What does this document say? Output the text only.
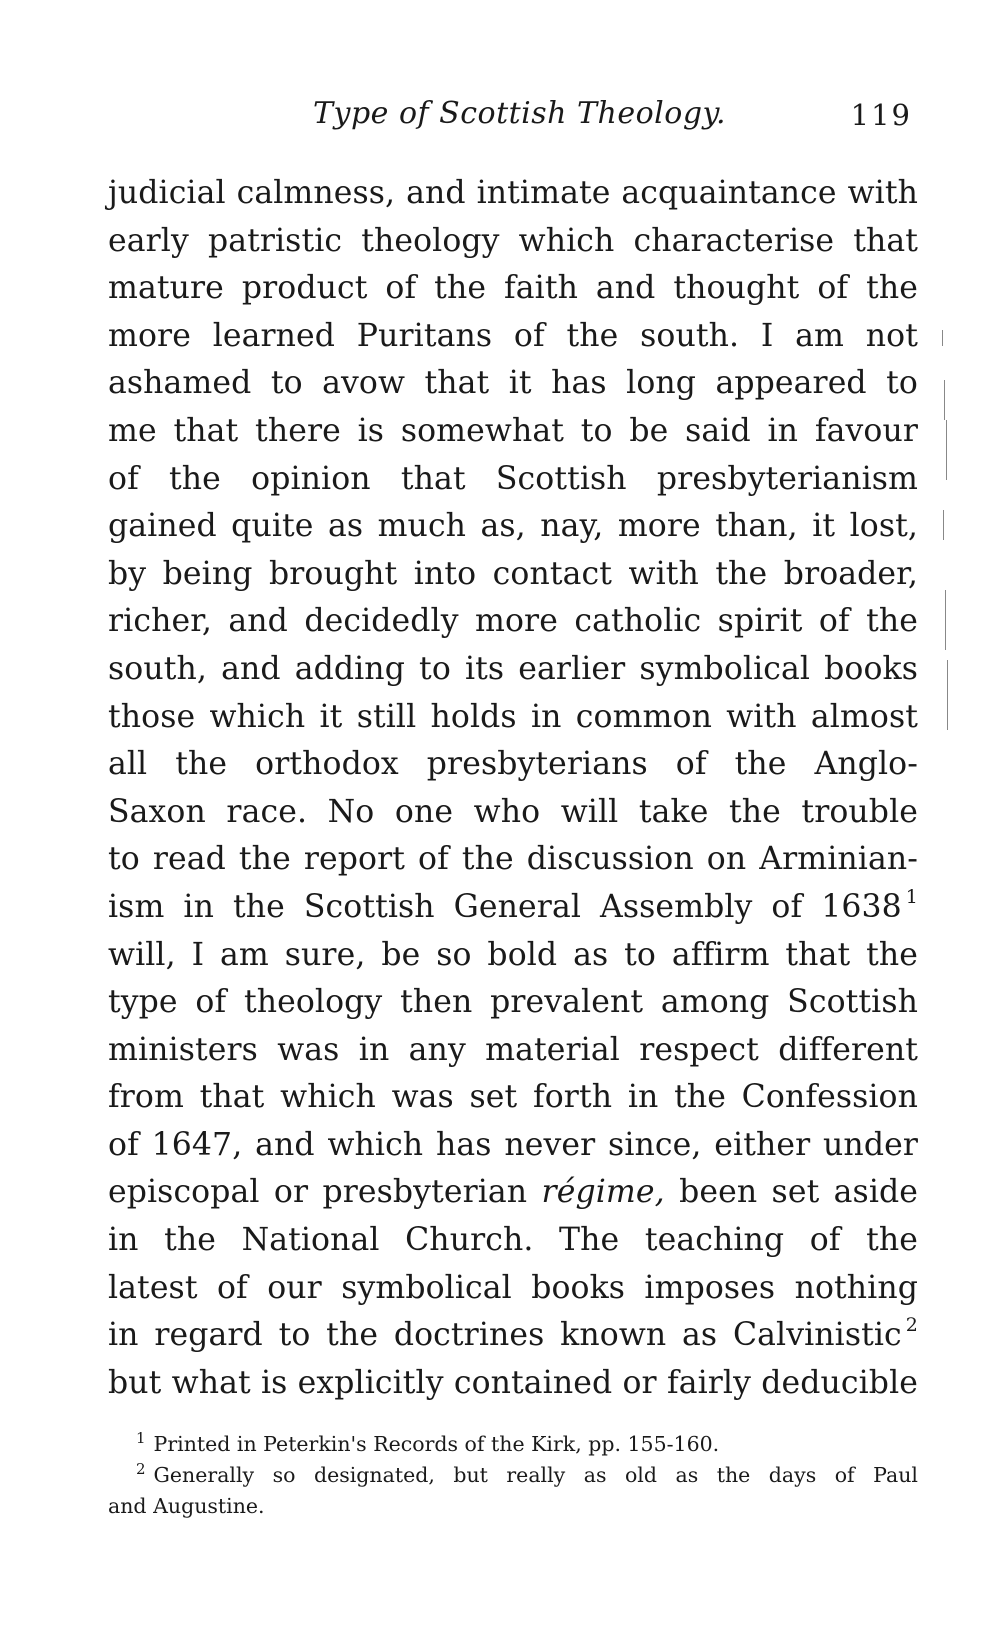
Type of Scottish Theology.	119
judicial calmness, and intimate acquaintance with
early patristic theology which characterise that
mature product of the faith and thought of the
more learned Puritans of the south. I am not
ashamed to avow that it has long appeared to
me that there is somewhat to be said in favour
of the opinion that Scottish presbyterianism
gained quite as much as, nay, more than, it lost,
by being brought into contact with the broader,
richer, and decidedly more catholic spirit of the
south, and adding to its earlier symbolical books
those which it still holds in common with almost
all the orthodox presbyterians of the Anglo-
Saxon race. No one who will take the trouble
to read the report of the discussion on Arminian-
ism in the Scottish General Assembly of 1638 $^1$
will, I am sure, be so bold as to affirm that the
type of theology then prevalent among Scottish
ministers was in any material respect different
from that which was set forth in the Confession
of 1647, and which has never since, either under
episcopal or presbyterian régime, been set aside
in the National Church. The teaching of the
latest of our symbolical books imposes nothing
in regard to the doctrines known as Calvinistic $^2$
but what is explicitly contained or fairly deducible
$^1$ Printed in Peterkin's Records of the Kirk, pp. 155-160.
$^2$ Generally so designated, but really as old as the days of Paul
and Augustine.
